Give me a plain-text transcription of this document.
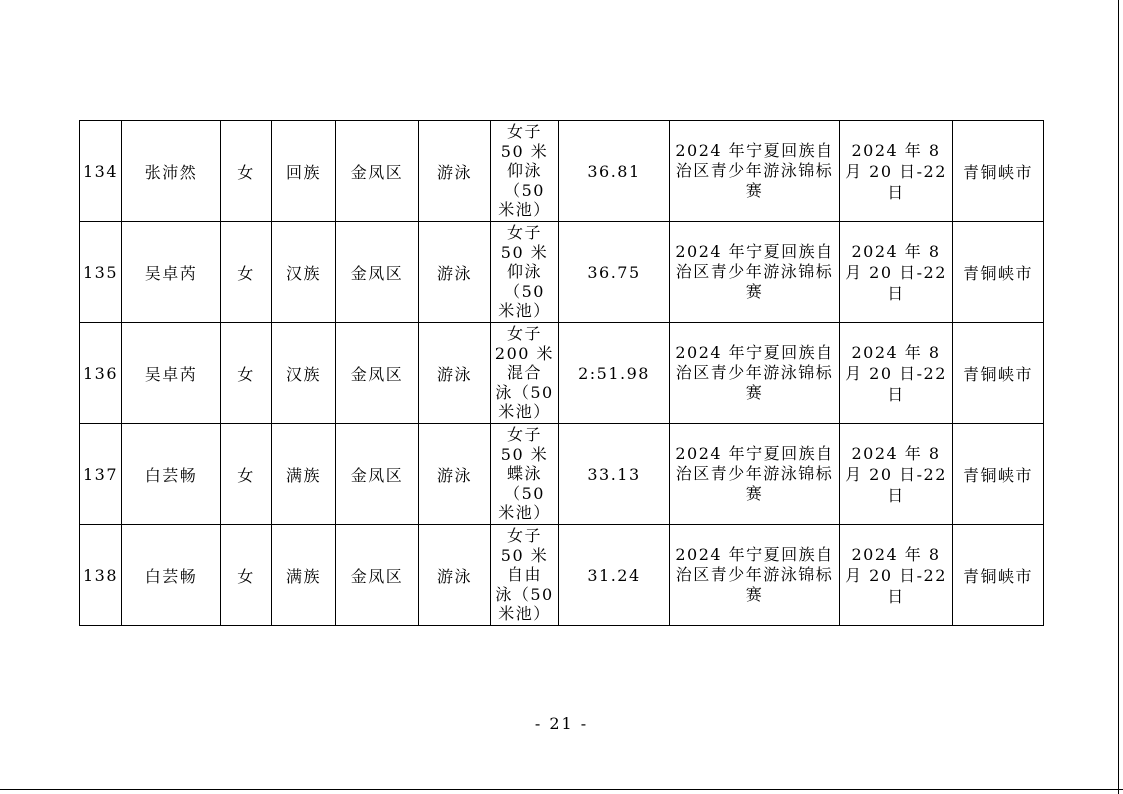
134	张沛然	女	回族	金凤区	游泳	女子
50 米
仰泳
（50
米池）	36.81	2024 年宁夏回族自治区青少年游泳锦标赛	2024 年 8 月 20 日-22 日	青铜峡市
135	吴卓芮	女	汉族	金凤区	游泳	女子
50 米
仰泳
（50
米池）	36.75	2024 年宁夏回族自治区青少年游泳锦标赛	2024 年 8 月 20 日-22 日	青铜峡市
136	吴卓芮	女	汉族	金凤区	游泳	女子
200 米
混合
泳（50
米池）	2:51.98	2024 年宁夏回族自治区青少年游泳锦标赛	2024 年 8 月 20 日-22 日	青铜峡市
137	白芸畅	女	满族	金凤区	游泳	女子
50 米
蝶泳
（50
米池）	33.13	2024 年宁夏回族自治区青少年游泳锦标赛	2024 年 8 月 20 日-22 日	青铜峡市
138	白芸畅	女	满族	金凤区	游泳	女子
50 米
自由
泳（50
米池）	31.24	2024 年宁夏回族自治区青少年游泳锦标赛	2024 年 8 月 20 日-22 日	青铜峡市
- 21 -
